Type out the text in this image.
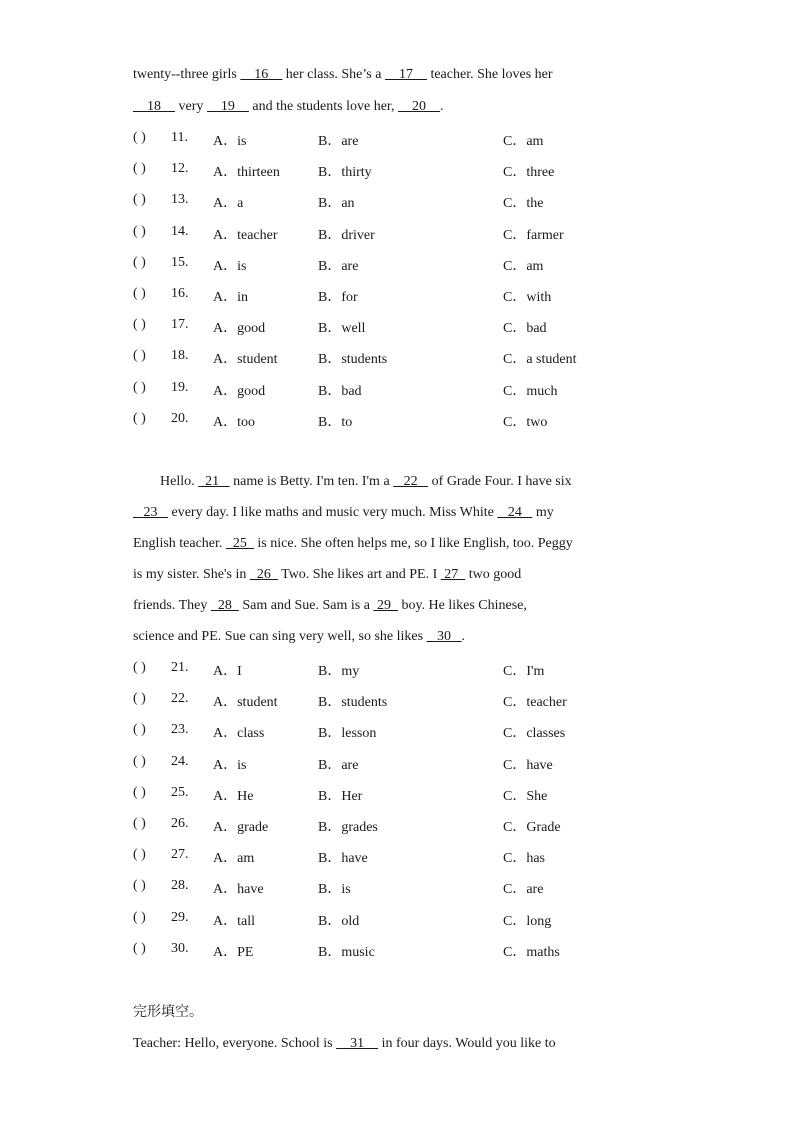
twenty--three girls     16     her class. She’s a     17     teacher. She loves her
18     very     19     and the students love her,     20    .
( ) 11. A．is	B．are	C．am
( ) 12. A．thirteen	B．thirty	C．three
( ) 13. A．a	B．an	C．the
( ) 14. A．teacher	B．driver	C．farmer
( ) 15. A．is	B．are	C．am
( ) 16. A．in	B．for	C．with
( ) 17. A．good	B．well	C．bad
( ) 18. A．student	B．students	C．a student
( ) 19. A．good	B．bad	C．much
( ) 20. A．too	B．to	C．two
Hello.   21    name is Betty. I'm ten. I'm a    22    of Grade Four. I have six
23    every day. I like maths and music very much. Miss White    24    my
English teacher.   25   is nice. She often helps me, so I like English, too. Peggy
is my sister. She's in   26   Two. She likes art and PE. I  27   two good
friends. They   28   Sam and Sue. Sam is a  29   boy. He likes Chinese,
science and PE. Sue can sing very well, so she likes    30   .
( ) 21. A．I	B．my	C．I'm
( ) 22. A．student	B．students	C．teacher
( ) 23. A．class	B．lesson	C．classes
( ) 24. A．is	B．are	C．have
( ) 25. A．He	B．Her	C．She
( ) 26. A．grade	B．grades	C．Grade
( ) 27. A．am	B．have	C．has
( ) 28. A．have	B．is	C．are
( ) 29. A．tall	B．old	C．long
( ) 30. A．PE	B．music	C．maths
完形填空。
Teacher: Hello, everyone. School is     31     in four days. Would you like to
